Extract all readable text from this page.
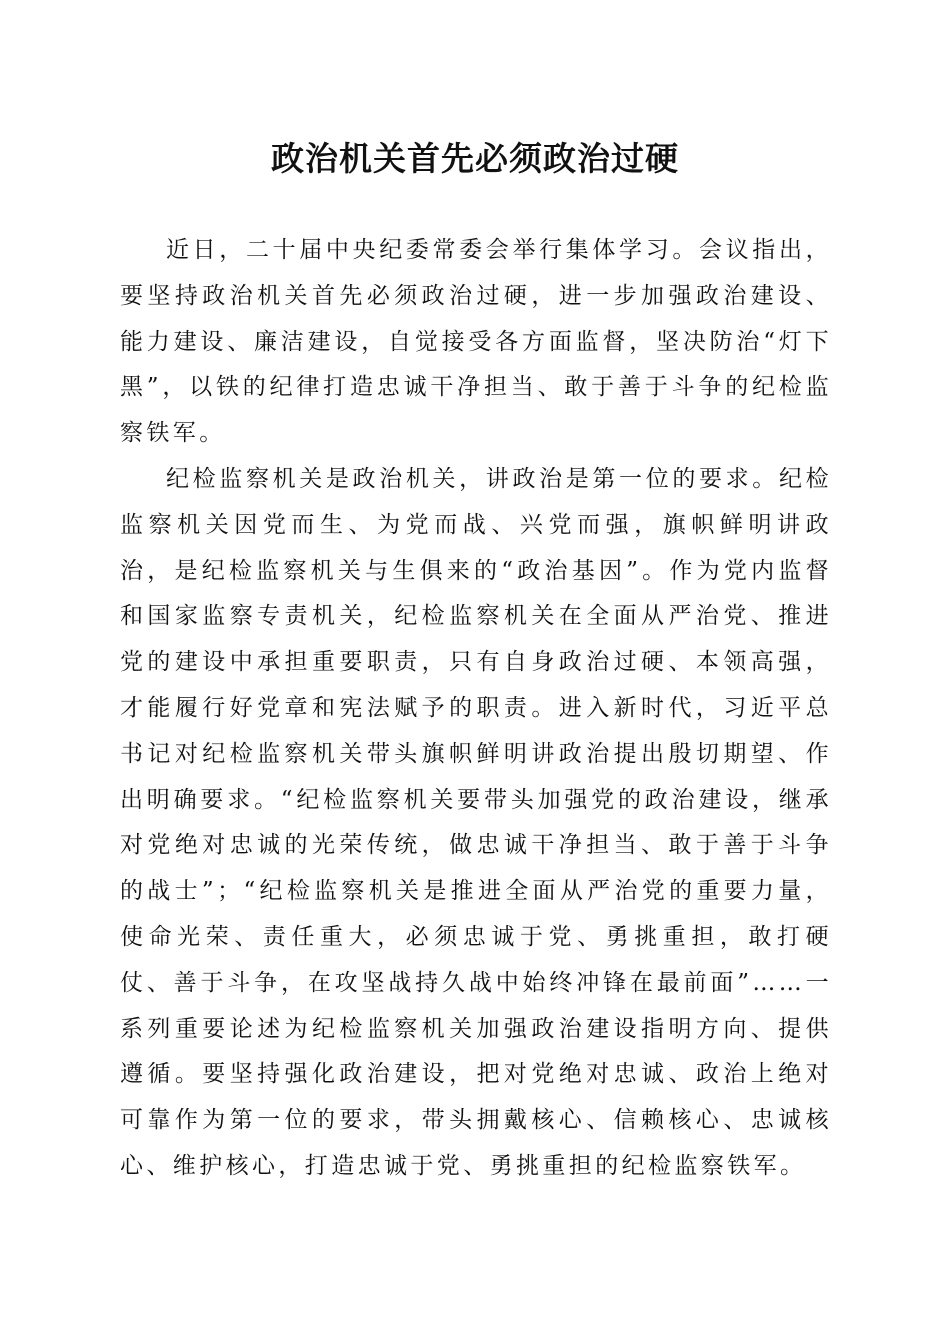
政治机关首先必须政治过硬

近日，二十届中央纪委常委会举行集体学习。会议指出，要坚持政治机关首先必须政治过硬，进一步加强政治建设、能力建设、廉洁建设，自觉接受各方面监督，坚决防治“灯下黑”，以铁的纪律打造忠诚干净担当、敢于善于斗争的纪检监察铁军。

纪检监察机关是政治机关，讲政治是第一位的要求。纪检监察机关因党而生、为党而战、兴党而强，旗帜鲜明讲政治，是纪检监察机关与生俱来的“政治基因”。作为党内监督和国家监察专责机关，纪检监察机关在全面从严治党、推进党的建设中承担重要职责，只有自身政治过硬、本领高强，才能履行好党章和宪法赋予的职责。进入新时代，习近平总书记对纪检监察机关带头旗帜鲜明讲政治提出殷切期望、作出明确要求。“纪检监察机关要带头加强党的政治建设，继承对党绝对忠诚的光荣传统，做忠诚干净担当、敢于善于斗争的战士”；“纪检监察机关是推进全面从严治党的重要力量，使命光荣、责任重大，必须忠诚于党、勇挑重担，敢打硬仗、善于斗争，在攻坚战持久战中始终冲锋在最前面”……一系列重要论述为纪检监察机关加强政治建设指明方向、提供遵循。要坚持强化政治建设，把对党绝对忠诚、政治上绝对可靠作为第一位的要求，带头拥戴核心、信赖核心、忠诚核心、维护核心，打造忠诚于党、勇挑重担的纪检监察铁军。
